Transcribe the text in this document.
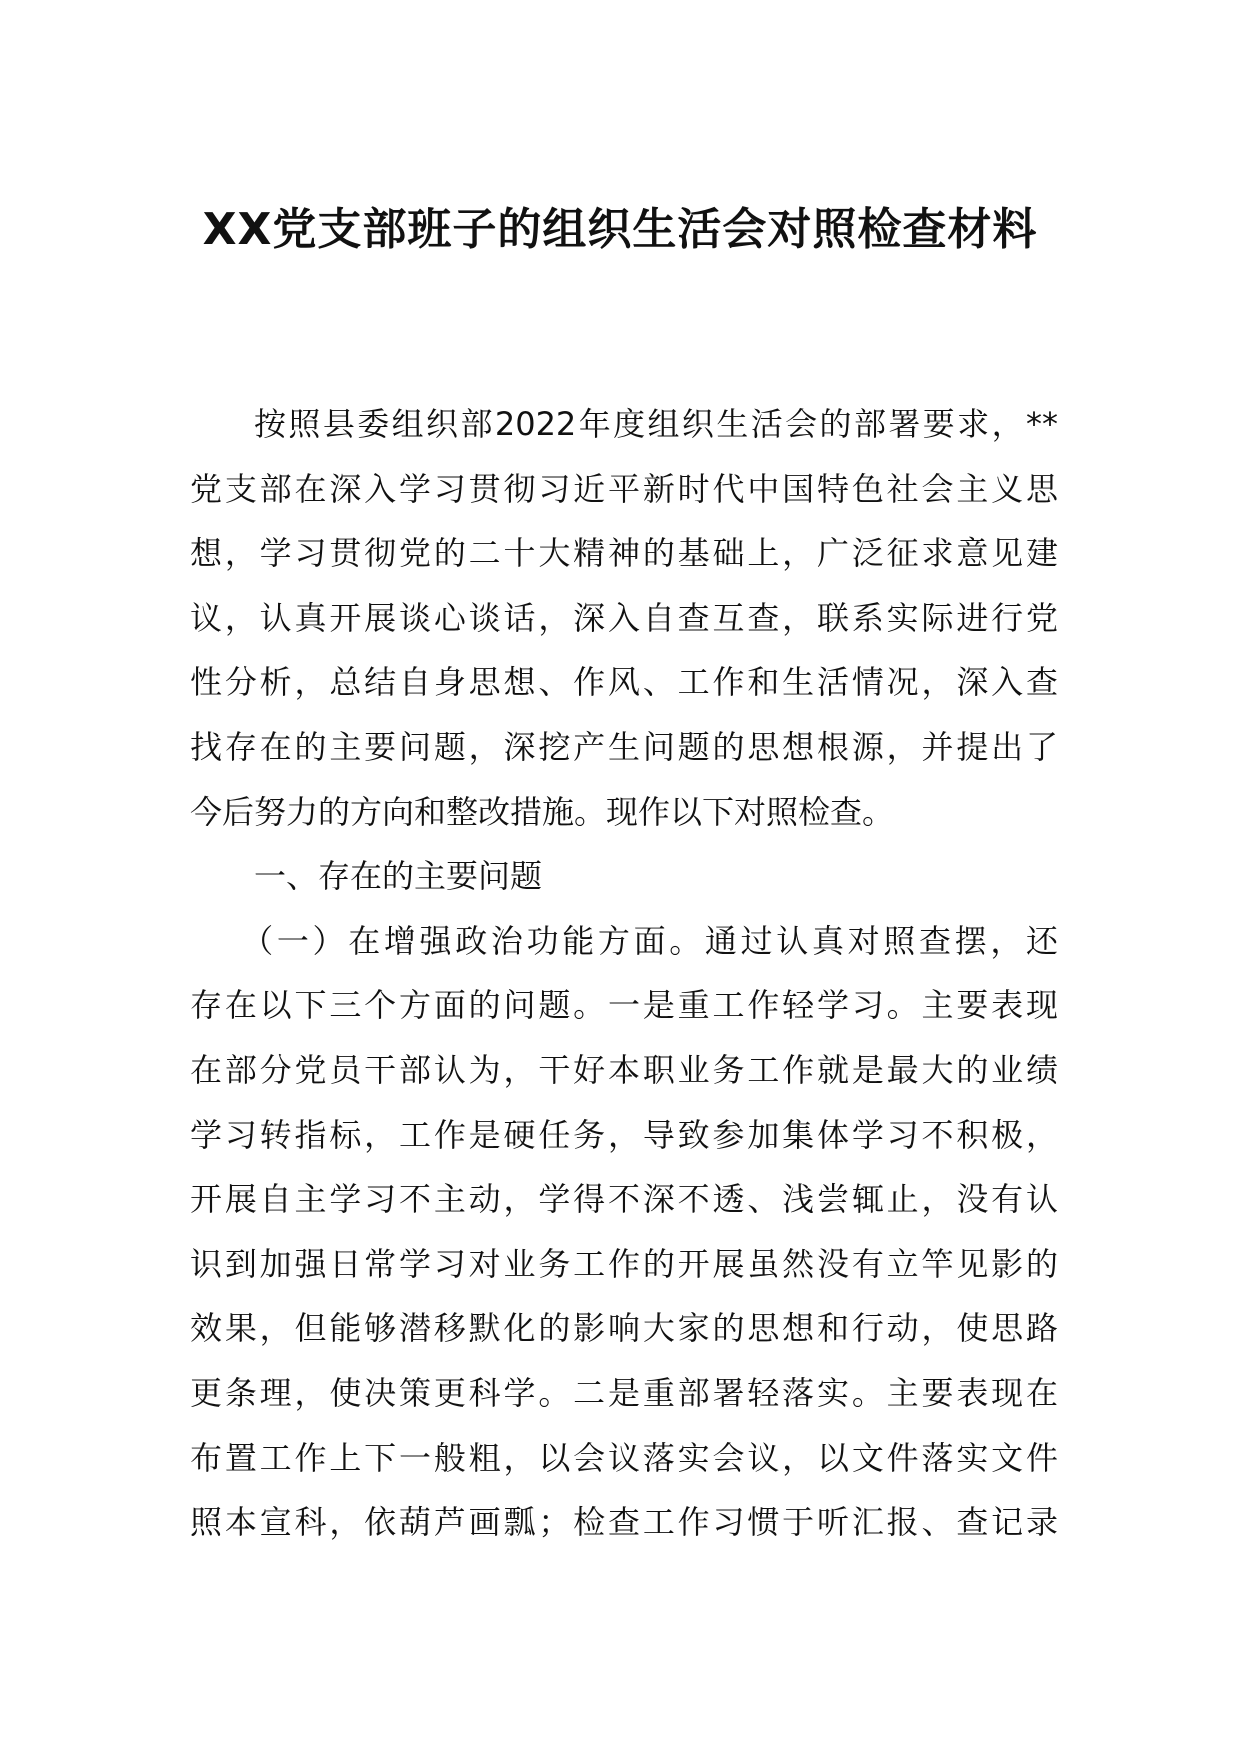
XX党支部班子的组织生活会对照检查材料

按照县委组织部2022年度组织生活会的部署要求，**
党支部在深入学习贯彻习近平新时代中国特色社会主义思
想，学习贯彻党的二十大精神的基础上，广泛征求意见建
议，认真开展谈心谈话，深入自查互查，联系实际进行党
性分析，总结自身思想、作风、工作和生活情况，深入查
找存在的主要问题，深挖产生问题的思想根源，并提出了
今后努力的方向和整改措施。现作以下对照检查。

一、存在的主要问题

（一）在增强政治功能方面。通过认真对照查摆，还
存在以下三个方面的问题。一是重工作轻学习。主要表现
在部分党员干部认为，干好本职业务工作就是最大的业绩
学习转指标，工作是硬任务，导致参加集体学习不积极，
开展自主学习不主动，学得不深不透、浅尝辄止，没有认
识到加强日常学习对业务工作的开展虽然没有立竿见影的
效果，但能够潜移默化的影响大家的思想和行动，使思路
更条理，使决策更科学。二是重部署轻落实。主要表现在
布置工作上下一般粗，以会议落实会议，以文件落实文件
照本宣科，依葫芦画瓢；检查工作习惯于听汇报、查记录
